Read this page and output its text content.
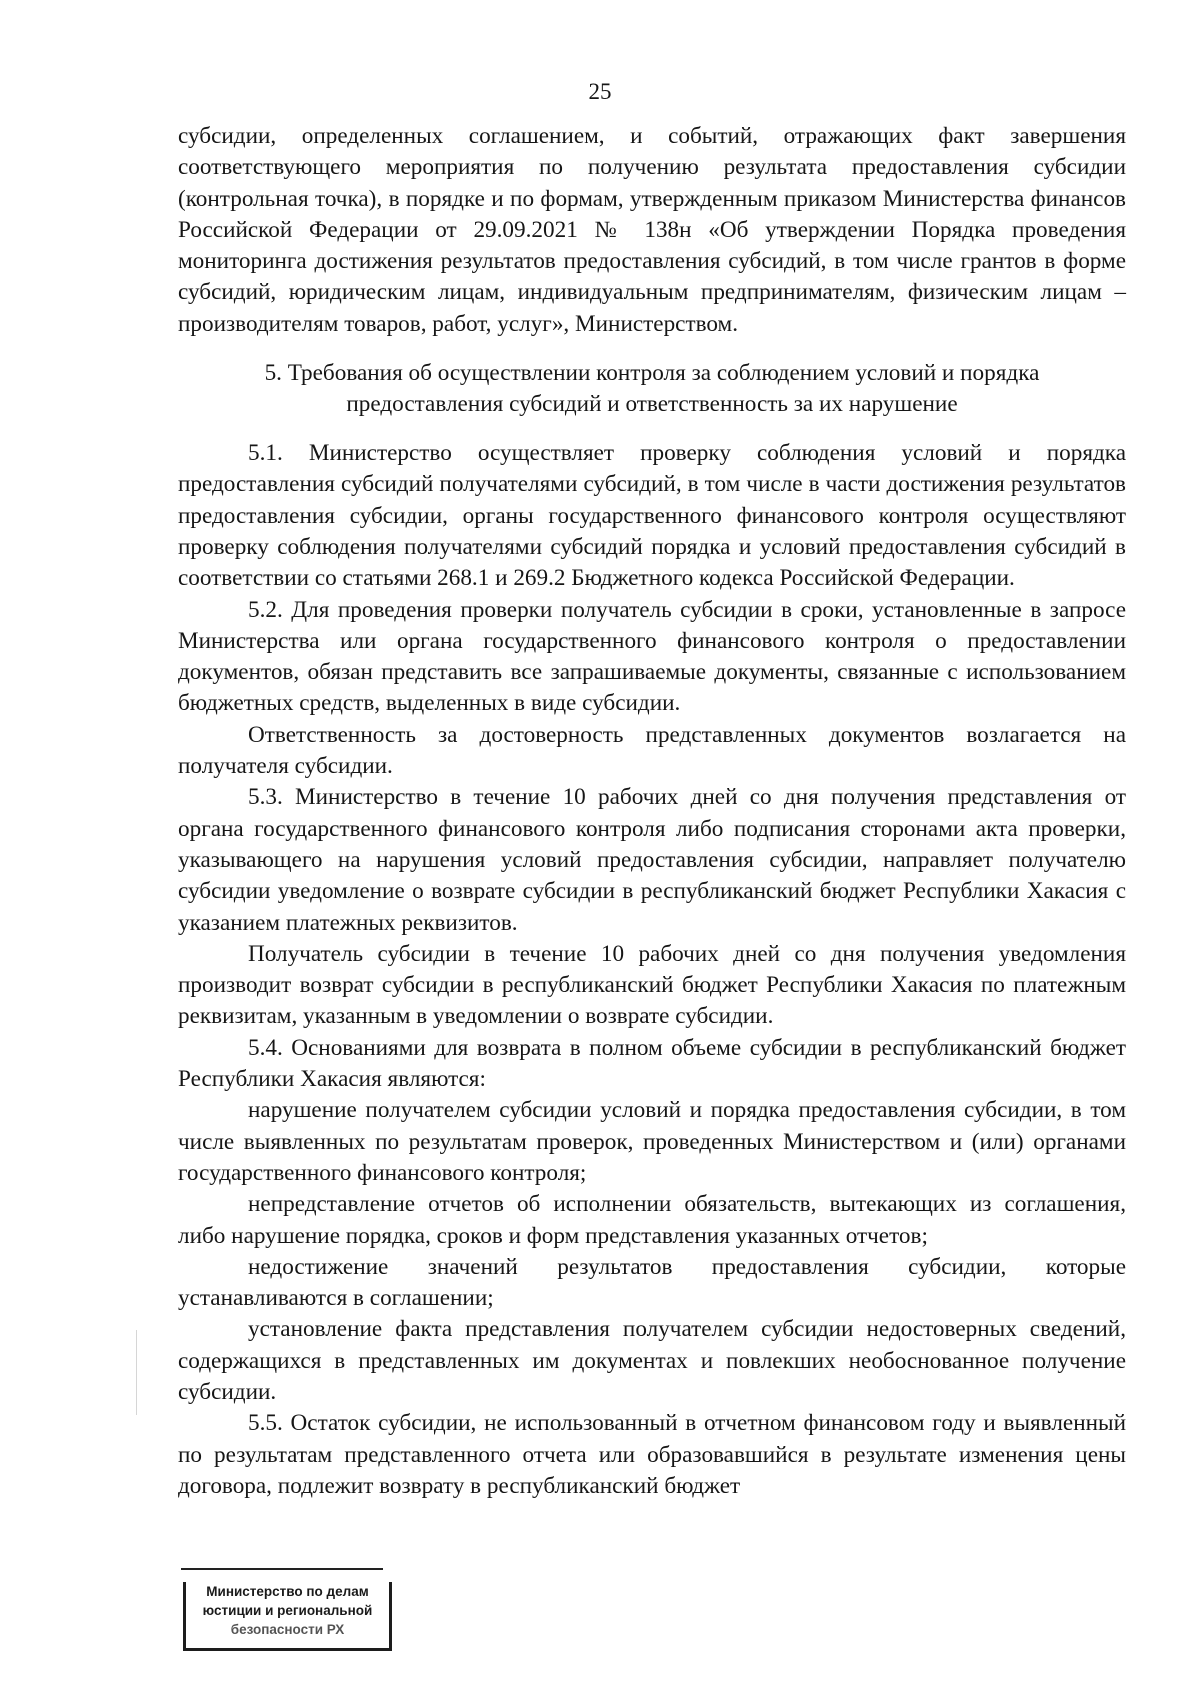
25

субсидии, определенных соглашением, и событий, отражающих факт завершения соответствующего мероприятия по получению результата предоставления субсидии (контрольная точка), в порядке и по формам, утвержденным приказом Министерства финансов Российской Федерации от 29.09.2021 № 138н «Об утверждении Порядка проведения мониторинга достижения результатов предоставления субсидий, в том числе грантов в форме субсидий, юридическим лицам, индивидуальным предпринимателям, физическим лицам – производителям товаров, работ, услуг», Министерством.

5. Требования об осуществлении контроля за соблюдением условий и порядка
предоставления субсидий и ответственность за их нарушение

5.1. Министерство осуществляет проверку соблюдения условий и порядка предоставления субсидий получателями субсидий, в том числе в части достижения результатов предоставления субсидии, органы государственного финансового контроля осуществляют проверку соблюдения получателями субсидий порядка и условий предоставления субсидий в соответствии со статьями 268.1 и 269.2 Бюджетного кодекса Российской Федерации.

5.2. Для проведения проверки получатель субсидии в сроки, установленные в запросе Министерства или органа государственного финансового контроля о предоставлении документов, обязан представить все запрашиваемые документы, связанные с использованием бюджетных средств, выделенных в виде субсидии.

Ответственность за достоверность представленных документов возлагается на получателя субсидии.

5.3. Министерство в течение 10 рабочих дней со дня получения представления от органа государственного финансового контроля либо подписания сторонами акта проверки, указывающего на нарушения условий предоставления субсидии, направляет получателю субсидии уведомление о возврате субсидии в республиканский бюджет Республики Хакасия с указанием платежных реквизитов.

Получатель субсидии в течение 10 рабочих дней со дня получения уведомления производит возврат субсидии в республиканский бюджет Республики Хакасия по платежным реквизитам, указанным в уведомлении о возврате субсидии.

5.4. Основаниями для возврата в полном объеме субсидии в республиканский бюджет Республики Хакасия являются:

нарушение получателем субсидии условий и порядка предоставления субсидии, в том числе выявленных по результатам проверок, проведенных Министерством и (или) органами государственного финансового контроля;

непредставление отчетов об исполнении обязательств, вытекающих из соглашения, либо нарушение порядка, сроков и форм представления указанных отчетов;

недостижение значений результатов предоставления субсидии, которые устанавливаются в соглашении;

установление факта представления получателем субсидии недостоверных сведений, содержащихся в представленных им документах и повлекших необоснованное получение субсидии.

5.5. Остаток субсидии, не использованный в отчетном финансовом году и выявленный по результатам представленного отчета или образовавшийся в результате изменения цены договора, подлежит возврату в республиканский бюджет

Министерство по делам
юстиции и региональной
безопасности РХ
